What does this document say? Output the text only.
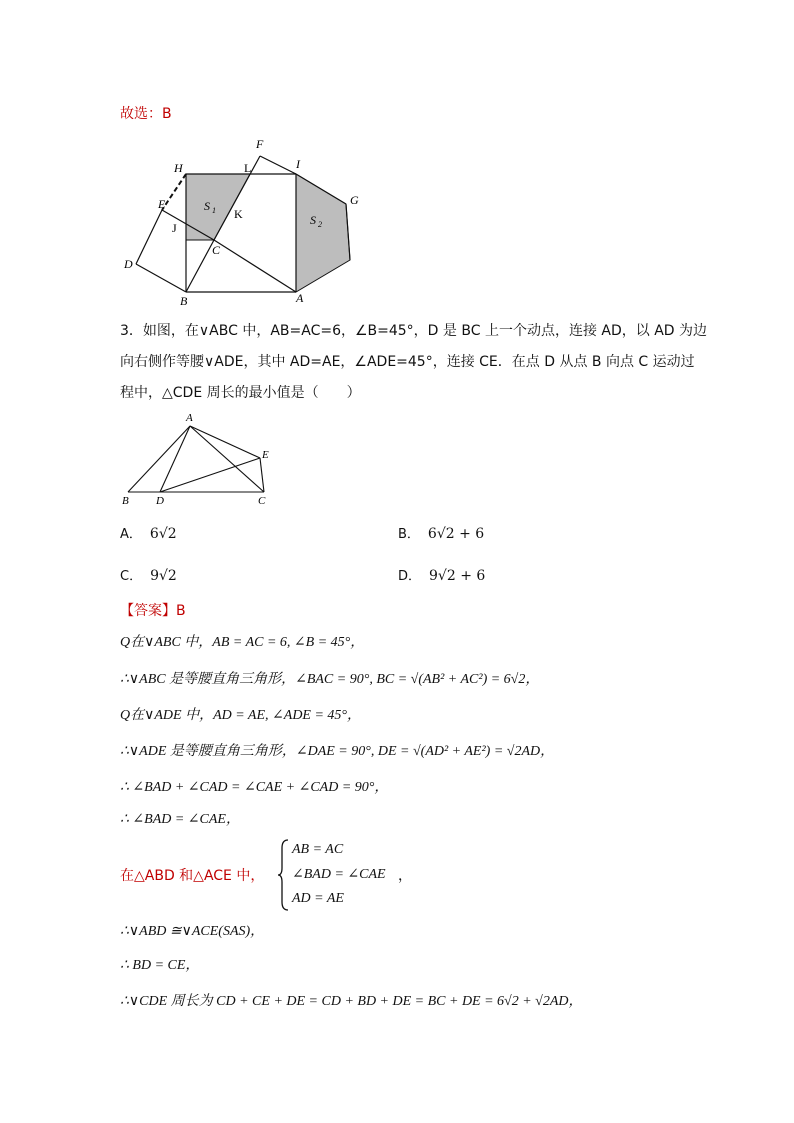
故选：B
F
I
H	L
G
E	S 1 K	S 2
J
C
D
B	A
3．如图，在∨ABC 中，AB=AC=6，∠B=45°，D 是 BC 上一个动点，连接 AD，以 AD 为边
向右侧作等腰∨ADE，其中 AD=AE，∠ADE=45°，连接 CE．在点 D 从点 B 向点 C 运动过
程中，△CDE 周长的最小值是（　　）
A
E
B D	C
A． 6√2	B． 6√2 + 6
C． 9√2	D． 9√2 + 6
【答案】B
Q在∨ABC 中，AB = AC = 6, ∠B = 45°，
∴∨ABC 是等腰直角三角形，∠BAC = 90°, BC = √(AB² + AC²) = 6√2，
Q在∨ADE 中，AD = AE, ∠ADE = 45°，
∴∨ADE 是等腰直角三角形，∠DAE = 90°, DE = √(AD² + AE²) = √2AD，
∴ ∠BAD + ∠CAD = ∠CAE + ∠CAD = 90°，
∴ ∠BAD = ∠CAE，
在△ABD 和△ACE 中，
AB = AC
∠BAD = ∠CAE
AD = AE
，
∴∨ABD ≅∨ACE(SAS)，
∴ BD = CE，
∴∨CDE 周长为 CD + CE + DE = CD + BD + DE = BC + DE = 6√2 + √2AD，
